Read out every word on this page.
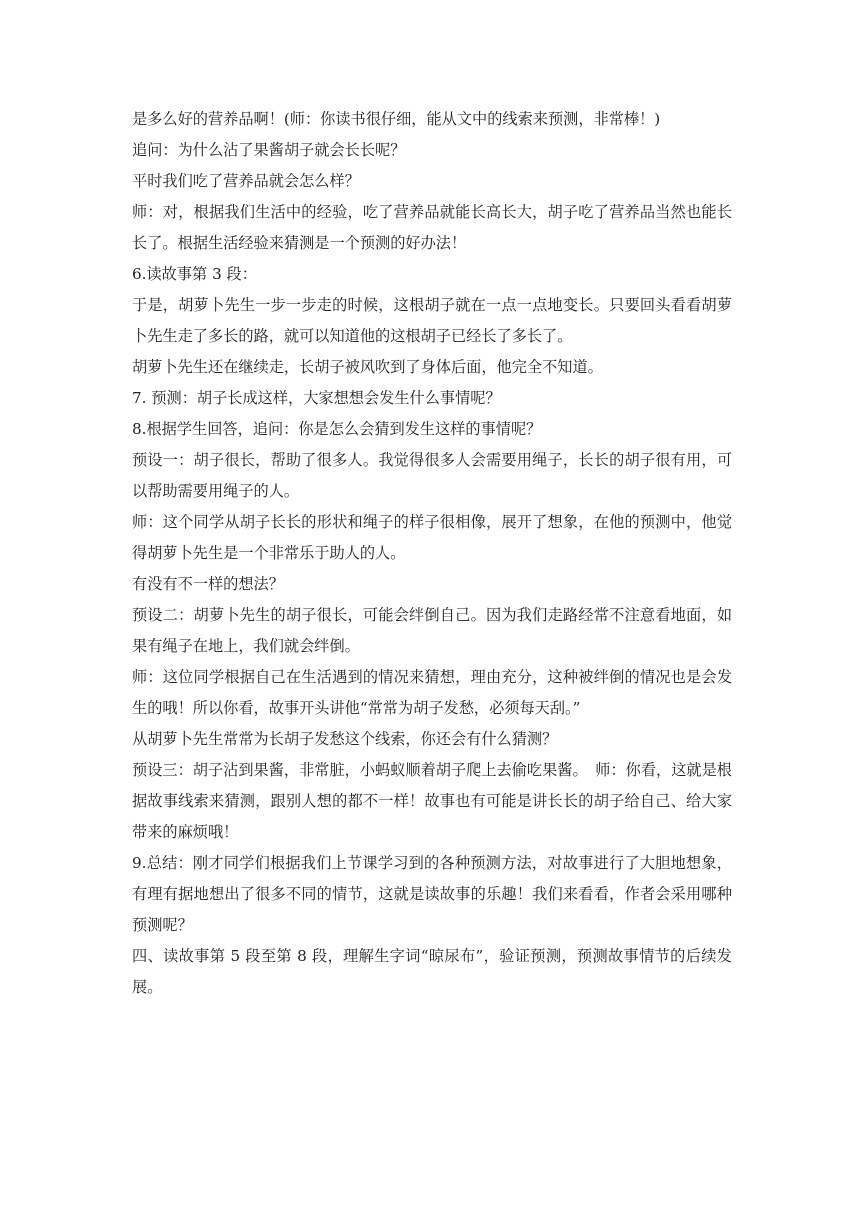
是多么好的营养品啊！(师：你读书很仔细，能从文中的线索来预测，非常棒！)

追问：为什么沾了果酱胡子就会长长呢？

平时我们吃了营养品就会怎么样？

师：对，根据我们生活中的经验，吃了营养品就能长高长大，胡子吃了营养品当然也能长长了。根据生活经验来猜测是一个预测的好办法！

6.读故事第 3 段：

于是，胡萝卜先生一步一步走的时候，这根胡子就在一点一点地变长。只要回头看看胡萝卜先生走了多长的路，就可以知道他的这根胡子已经长了多长了。

胡萝卜先生还在继续走，长胡子被风吹到了身体后面，他完全不知道。

7. 预测：胡子长成这样，大家想想会发生什么事情呢？

8.根据学生回答，追问：你是怎么会猜到发生这样的事情呢？

预设一：胡子很长，帮助了很多人。我觉得很多人会需要用绳子，长长的胡子很有用，可以帮助需要用绳子的人。

师：这个同学从胡子长长的形状和绳子的样子很相像，展开了想象，在他的预测中，他觉得胡萝卜先生是一个非常乐于助人的人。

有没有不一样的想法？

预设二：胡萝卜先生的胡子很长，可能会绊倒自己。因为我们走路经常不注意看地面，如果有绳子在地上，我们就会绊倒。

师：这位同学根据自己在生活遇到的情况来猜想，理由充分，这种被绊倒的情况也是会发生的哦！所以你看，故事开头讲他“常常为胡子发愁，必须每天刮。”

从胡萝卜先生常常为长胡子发愁这个线索，你还会有什么猜测？

预设三：胡子沾到果酱，非常脏，小蚂蚁顺着胡子爬上去偷吃果酱。　师：你看，这就是根据故事线索来猜测，跟别人想的都不一样！故事也有可能是讲长长的胡子给自己、给大家带来的麻烦哦！

9.总结：刚才同学们根据我们上节课学习到的各种预测方法，对故事进行了大胆地想象，有理有据地想出了很多不同的情节，这就是读故事的乐趣！我们来看看，作者会采用哪种预测呢？

四、读故事第 5 段至第 8 段，理解生字词“晾尿布”，验证预测，预测故事情节的后续发展。
